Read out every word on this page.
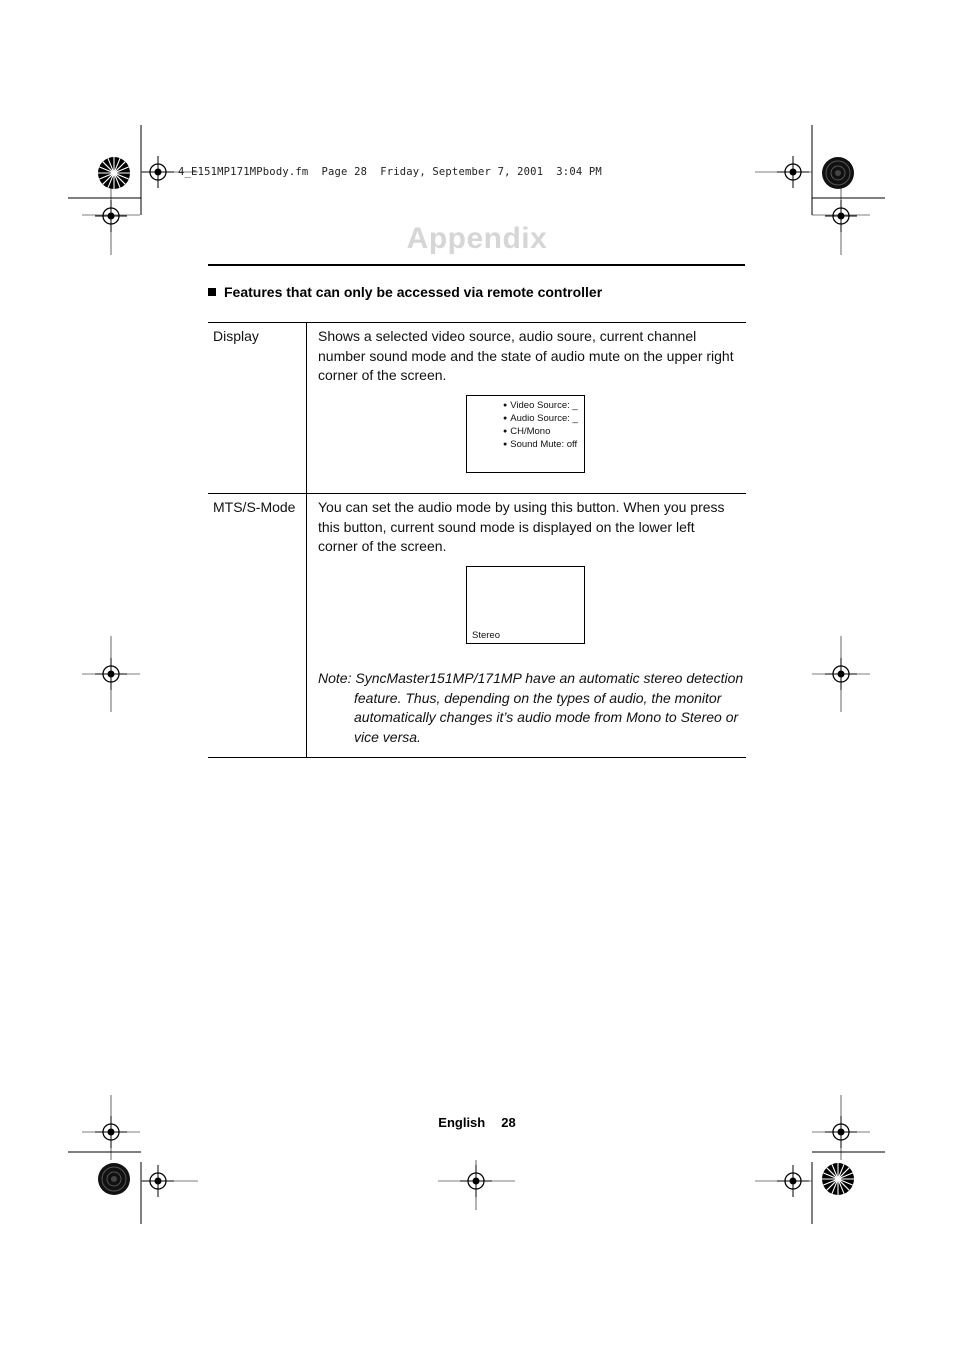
4_E151MP171MPbody.fm Page 28 Friday, September 7, 2001 3:04 PM
Appendix
Features that can only be accessed via remote controller
Display	Shows a selected video source, audio soure, current channel number sound mode and the state of audio mute on the upper right corner of the screen.
● Video Source: _
● Audio Source: _
● CH/Mono
● Sound Mute: off
MTS/S-Mode You can set the audio mode by using this button. When you press this button, current sound mode is displayed on the lower left corner of the screen.
Stereo
Note: SyncMaster151MP/171MP have an automatic stereo detection
feature. Thus, depending on the types of audio, the monitor automatically changes it’s audio mode from Mono to Stereo or vice versa.
English 28
